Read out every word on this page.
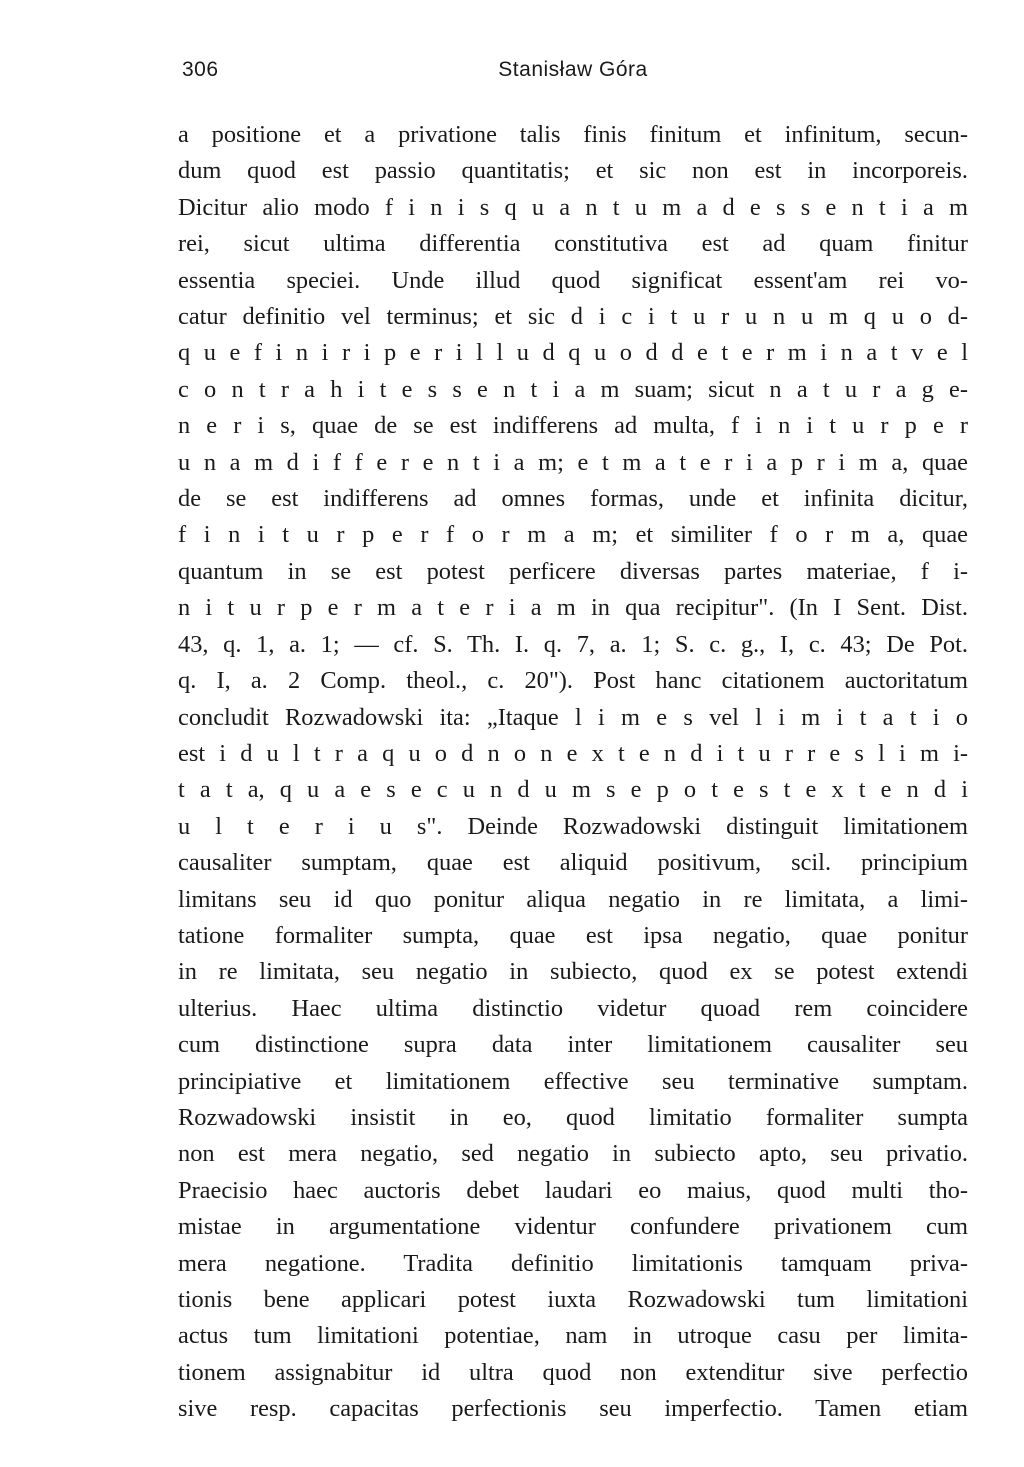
306	Stanisław Góra
a positione et a privatione talis finis finitum et infinitum, secun-
dum quod est passio quantitatis; et sic non est in incorporeis.
Dicitur alio modo f i n i s q u a n t u m a d e s s e n t i a m
rei, sicut ultima differentia constitutiva est ad quam finitur
essentia speciei. Unde illud quod significat essent'am rei vo-
catur definitio vel terminus; et sic d i c i t u r u n u m q u o d-
q u e f i n i r i p e r i l l u d q u o d d e t e r m i n a t v e l
c o n t r a h i t e s s e n t i a m suam; sicut n a t u r a g e-
n e r i s, quae de se est indifferens ad multa, f i n i t u r p e r
u n a m d i f f e r e n t i a m; e t m a t e r i a p r i m a, quae
de se est indifferens ad omnes formas, unde et infinita dicitur,
f i n i t u r p e r f o r m a m; et similiter f o r m a, quae
quantum in se est potest perficere diversas partes materiae, f i-
n i t u r p e r m a t e r i a m in qua recipitur". (In I Sent. Dist.
43, q. 1, a. 1; — cf. S. Th. I. q. 7, a. 1; S. c. g., I, c. 43; De Pot.
q. I, a. 2 Comp. theol., c. 20"). Post hanc citationem auctoritatum
concludit Rozwadowski ita: „Itaque l i m e s vel l i m i t a t i o
est i d u l t r a q u o d n o n e x t e n d i t u r r e s l i m i-
t a t a, q u a e s e c u n d u m s e p o t e s t e x t e n d i
u l t e r i u s". Deinde Rozwadowski distinguit limitationem
causaliter sumptam, quae est aliquid positivum, scil. principium
limitans seu id quo ponitur aliqua negatio in re limitata, a limi-
tatione formaliter sumpta, quae est ipsa negatio, quae ponitur
in re limitata, seu negatio in subiecto, quod ex se potest extendi
ulterius. Haec ultima distinctio videtur quoad rem coincidere
cum distinctione supra data inter limitationem causaliter seu
principiative et limitationem effective seu terminative sumptam.
Rozwadowski insistit in eo, quod limitatio formaliter sumpta
non est mera negatio, sed negatio in subiecto apto, seu privatio.
Praecisio haec auctoris debet laudari eo maius, quod multi tho-
mistae in argumentatione videntur confundere privationem cum
mera negatione. Tradita definitio limitationis tamquam priva-
tionis bene applicari potest iuxta Rozwadowski tum limitationi
actus tum limitationi potentiae, nam in utroque casu per limita-
tionem assignabitur id ultra quod non extenditur sive perfectio
sive resp. capacitas perfectionis seu imperfectio. Tamen etiam
